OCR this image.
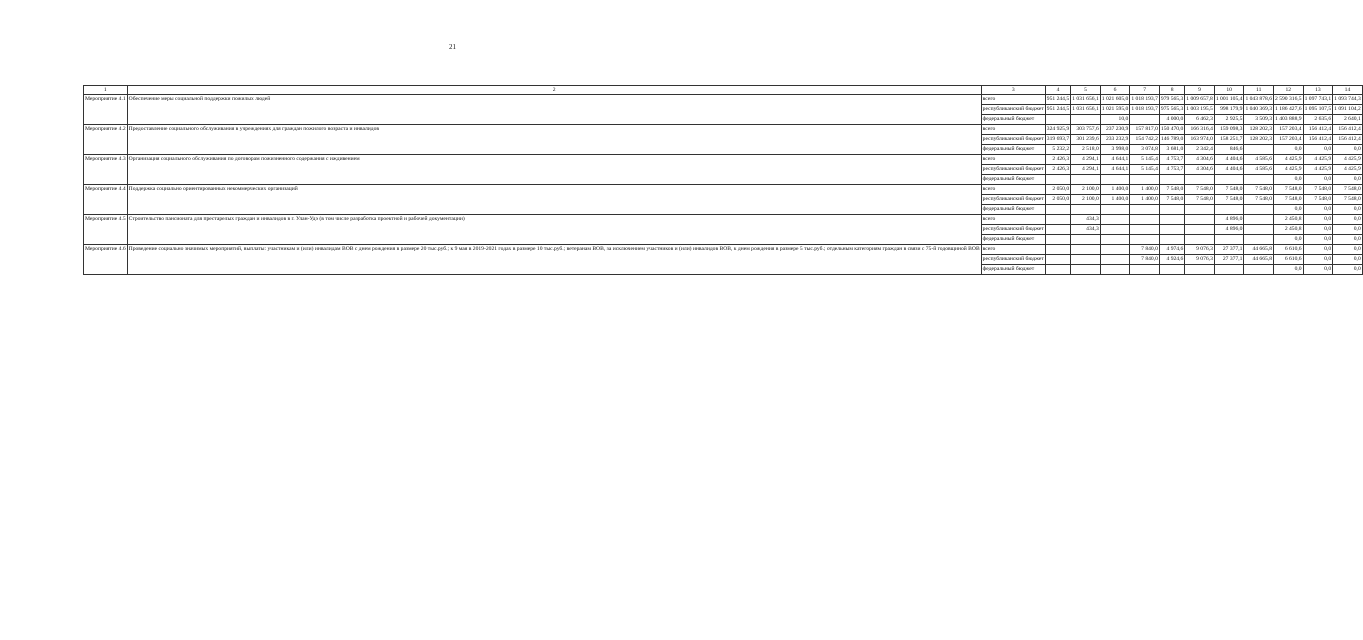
21
1	2	3	4	5	6	7	8	9	10	11	12	13	14
Мероприятие 4.1	Обеспечение меры социальной поддержки пожилых людей	всего	951 244,5	1 031 656,1	1 021 605,0	1 018 193,7	979 565,3	1 009 657,8	1 001 105,4	1 043 878,6	2 590 316,5	1 097 743,1	1 093 744,3
		республиканский бюджет	951 244,5	1 031 656,1	1 021 595,0	1 018 193,7	975 565,3	1 003 195,5	998 179,9	1 040 369,3	1 186 427,6	1 095 107,5	1 091 104,2
		федеральный бюджет			10,0		4 000,0	6 462,3	2 925,5	3 509,3	1 403 888,9	2 635,6	2 640,1
Мероприятие 4.2	Предоставление социального обслуживания в учреждениях для граждан пожилого возраста и инвалидов	всего	324 925,9	303 757,6	237 230,9	157 817,0	150 470,0	166 316,4	159 098,3	128 202,3	157 203,4	156 412,4	156 412,4
		республиканский бюджет	319 693,7	301 239,6	233 232,9	154 742,2	146 789,0	163 974,0	158 251,7	128 202,3	157 203,4	156 412,4	156 412,4
		федеральный бюджет	5 232,2	2 518,0	3 998,0	3 074,8	3 681,0	2 342,4	846,6		0,0	0,0	0,0
Мероприятие 4.3	Организация социального обслуживания по договорам пожизненного содержания с иждивением	всего	2 426,3	4 294,1	4 644,1	5 145,4	4 753,7	4 304,6	4 404,6	4 585,6	4 425,9	4 425,9	4 425,9
		республиканский бюджет	2 426,3	4 294,1	4 644,1	5 145,4	4 753,7	4 304,6	4 404,6	4 585,6	4 425,9	4 425,9	4 425,9
		федеральный бюджет									0,0	0,0	0,0
Мероприятие 4.4	Поддержка социально ориентированных некоммерческих организаций	всего	2 050,0	2 100,0	1 400,0	1 400,0	7 548,0	7 548,0	7 548,0	7 548,0	7 548,0	7 548,0	7 548,0
		республиканский бюджет	2 050,0	2 100,0	1 400,0	1 400,0	7 548,0	7 548,0	7 548,0	7 548,0	7 548,0	7 548,0	7 548,0
		федеральный бюджет									0,0	0,0	0,0
Мероприятие 4.5	Строительство пансионата для престарелых граждан и инвалидов в г. Улан-Удэ (в том числе разработка проектной и рабочей документации)	всего		434,3					4 896,0		2 450,8	0,0	0,0
		республиканский бюджет		434,3					4 896,0		2 450,8	0,0	0,0
		федеральный бюджет									0,0	0,0	0,0
Мероприятие 4.6	Проведение социально значимых мероприятий, выплаты: участникам и (или) инвалидам ВОВ с днем рождения в размере 20 тыс.руб.; к 9 мая в 2019-2021 годах в размере 10 тыс.руб.; ветеранам ВОВ, за исключением участников и (или) инвалидов ВОВ, к днем рождения в размере 5 тыс.руб.; отдельным категориям граждан в связи с 75-й годовщиной ВОВ	всего				7 840,0	4 974,6	9 076,3	27 377,1	44 665,8	6 610,6	0,0	0,0
		республиканский бюджет				7 840,0	4 924,6	9 076,3	27 377,1	44 665,8	6 610,6	0,0	0,0
		федеральный бюджет									0,0	0,0	0,0
